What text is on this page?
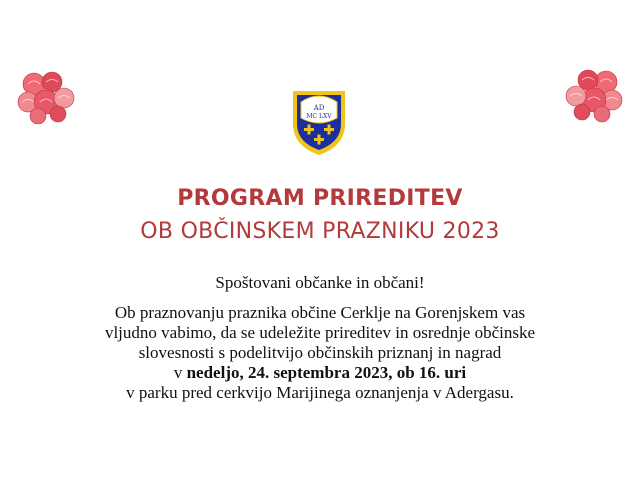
AD
MC LXV
PROGRAM PRIREDITEV
OB OBČINSKEM PRAZNIKU 2023
Spoštovani občanke in občani!
Ob praznovanju praznika občine Cerklje na Gorenjskem vas
vljudno vabimo, da se udeležite prireditev in osrednje občinske
slovesnosti s podelitvijo občinskih priznanj in nagrad
v nedeljo, 24. septembra 2023, ob 16. uri
v parku pred cerkvijo Marijinega oznanjenja v Adergasu.
